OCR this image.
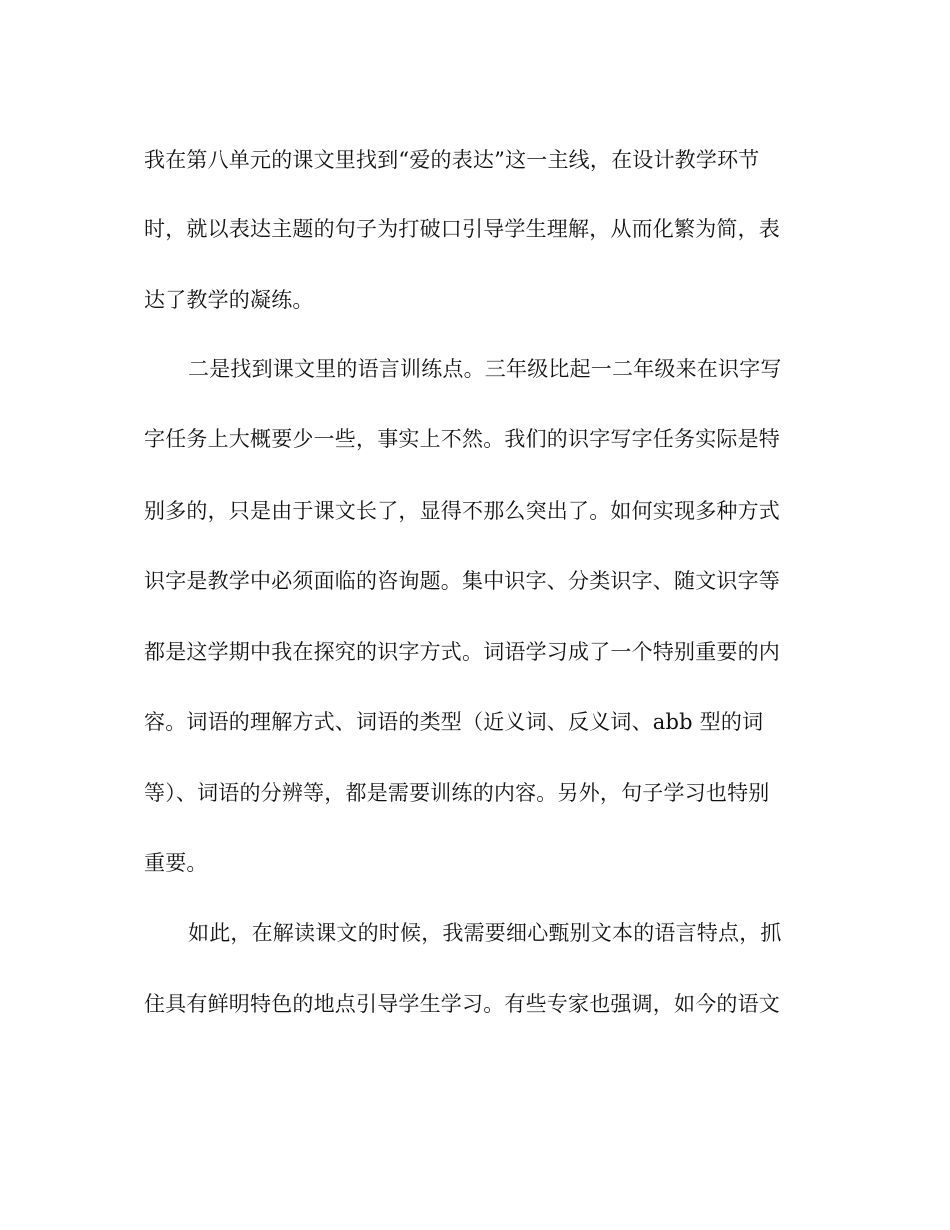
我在第八单元的课文里找到“爱的表达”这一主线，在设计教学环节
时，就以表达主题的句子为打破口引导学生理解，从而化繁为简，表
达了教学的凝练。
二是找到课文里的语言训练点。三年级比起一二年级来在识字写
字任务上大概要少一些，事实上不然。我们的识字写字任务实际是特
别多的，只是由于课文长了，显得不那么突出了。如何实现多种方式
识字是教学中必须面临的咨询题。集中识字、分类识字、随文识字等
都是这学期中我在探究的识字方式。词语学习成了一个特别重要的内
容。词语的理解方式、词语的类型（近义词、反义词、abb 型的词
等）、词语的分辨等，都是需要训练的内容。另外，句子学习也特别
重要。
如此，在解读课文的时候，我需要细心甄别文本的语言特点，抓
住具有鲜明特色的地点引导学生学习。有些专家也强调，如今的语文
